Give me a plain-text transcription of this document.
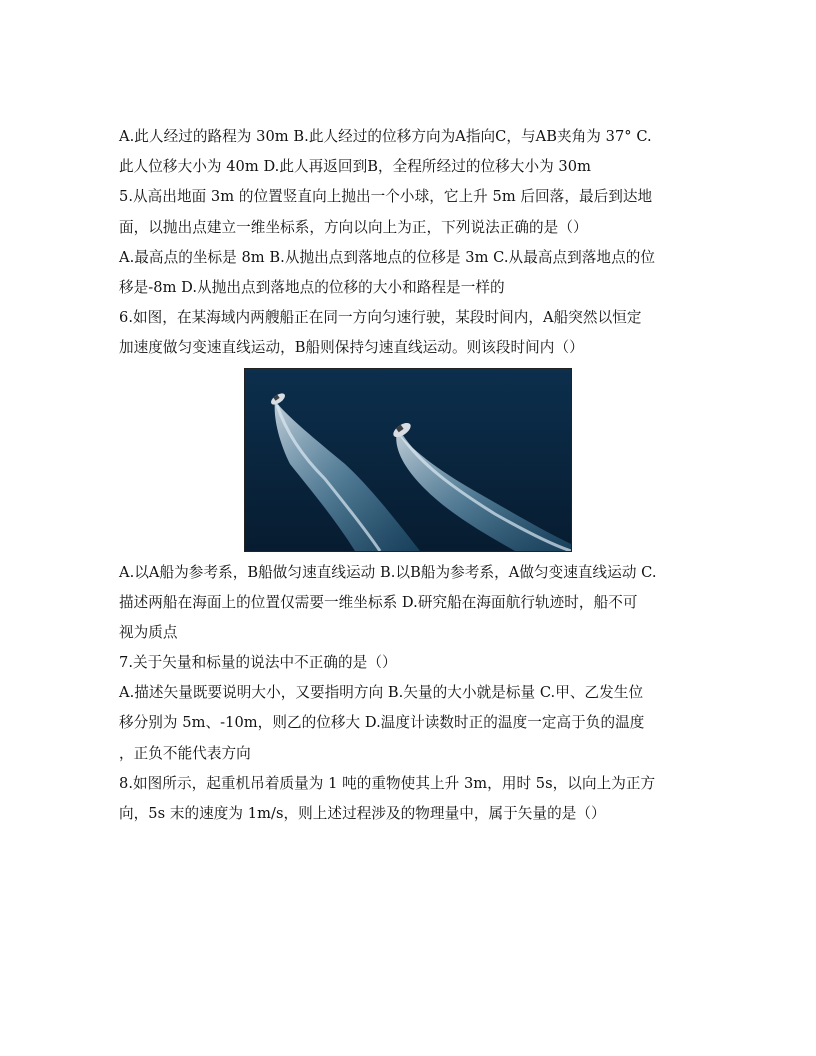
A.此人经过的路程为 30m B.此人经过的位移方向为A指向C，与AB夹角为 37° C.
此人位移大小为 40m D.此人再返回到B，全程所经过的位移大小为 30m
5.从高出地面 3m 的位置竖直向上抛出一个小球，它上升 5m 后回落，最后到达地
面，以抛出点建立一维坐标系，方向以向上为正，下列说法正确的是（）
A.最高点的坐标是 8m B.从抛出点到落地点的位移是 3m C.从最高点到落地点的位
移是-8m D.从抛出点到落地点的位移的大小和路程是一样的
6.如图，在某海域内两艘船正在同一方向匀速行驶，某段时间内，A船突然以恒定
加速度做匀变速直线运动，B船则保持匀速直线运动。则该段时间内（）
A.以A船为参考系，B船做匀速直线运动 B.以B船为参考系，A做匀变速直线运动 C.
描述两船在海面上的位置仅需要一维坐标系 D.研究船在海面航行轨迹时，船不可
视为质点
7.关于矢量和标量的说法中不正确的是（）
A.描述矢量既要说明大小，又要指明方向 B.矢量的大小就是标量 C.甲、乙发生位
移分别为 5m、-10m，则乙的位移大 D.温度计读数时正的温度一定高于负的温度
，正负不能代表方向
8.如图所示，起重机吊着质量为 1 吨的重物使其上升 3m，用时 5s，以向上为正方
向，5s 末的速度为 1m/s，则上述过程涉及的物理量中，属于矢量的是（）
